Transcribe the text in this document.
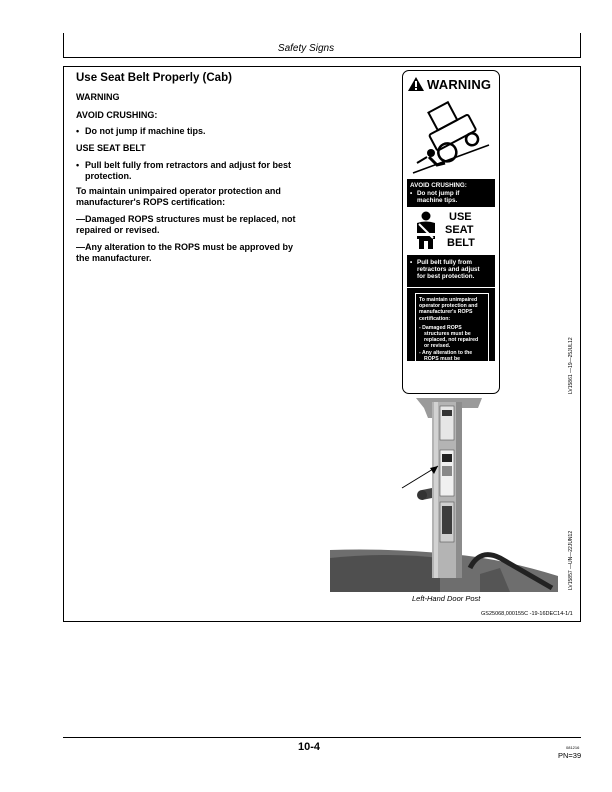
Safety Signs
Use Seat Belt Properly (Cab)
WARNING
AVOID CRUSHING:
• Do not jump if machine tips.
USE SEAT BELT
• Pull belt fully from retractors and adjust for best
protection.
To maintain unimpaired operator protection and
manufacturer's ROPS certification:
—Damaged ROPS structures must be replaced, not
repaired or revised.
—Any alteration to the ROPS must be approved by
the manufacturer.
WARNING
AVOID CRUSHING:
• Do not jump if
machine tips.
USE
SEAT
BELT
• Pull belt fully from
retractors and adjust
for best protection.
To maintain unimpaired
operator protection and
manufacturer's ROPS
certification:
- Damaged ROPS
structures must be
replaced, not repaired
or revised.
- Any alteration to the
ROPS must be
approved by the
manufacturer.	LV15861 —19—25JUL12
LV15857 —UN—22JUN12
Left-Hand Door Post
GS25068,000155C -19-16DEC14-1/1
10-4	081216
PN=39
